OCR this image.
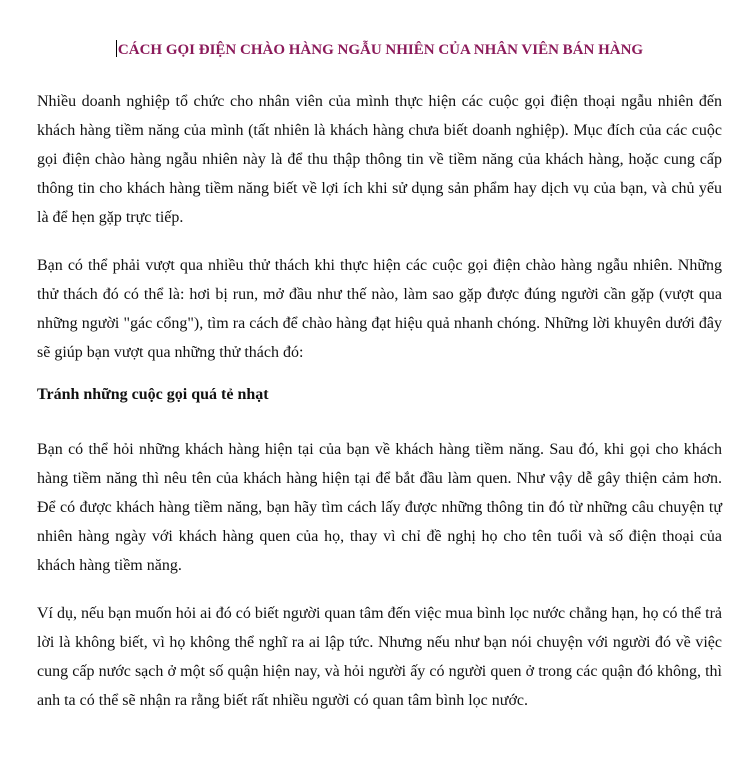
CÁCH GỌI ĐIỆN CHÀO HÀNG NGẪU NHIÊN CỦA NHÂN VIÊN BÁN HÀNG

Nhiều doanh nghiệp tổ chức cho nhân viên của mình thực hiện các cuộc gọi điện thoại ngẫu nhiên đến khách hàng tiềm năng của mình (tất nhiên là khách hàng chưa biết doanh nghiệp). Mục đích của các cuộc gọi điện chào hàng ngẫu nhiên này là để thu thập thông tin về tiềm năng của khách hàng, hoặc cung cấp thông tin cho khách hàng tiềm năng biết về lợi ích khi sử dụng sản phẩm hay dịch vụ của bạn, và chủ yếu là để hẹn gặp trực tiếp.

Bạn có thể phải vượt qua nhiều thử thách khi thực hiện các cuộc gọi điện chào hàng ngẫu nhiên. Những thử thách đó có thể là: hơi bị run, mở đầu như thế nào, làm sao gặp được đúng người cần gặp (vượt qua những người "gác cổng"), tìm ra cách để chào hàng đạt hiệu quả nhanh chóng. Những lời khuyên dưới đây sẽ giúp bạn vượt qua những thử thách đó:

Tránh những cuộc gọi quá tẻ nhạt

Bạn có thể hỏi những khách hàng hiện tại của bạn về khách hàng tiềm năng. Sau đó, khi gọi cho khách hàng tiềm năng thì nêu tên của khách hàng hiện tại để bắt đầu làm quen. Như vậy dễ gây thiện cảm hơn. Để có được khách hàng tiềm năng, bạn hãy tìm cách lấy được những thông tin đó từ những câu chuyện tự nhiên hàng ngày với khách hàng quen của họ, thay vì chỉ đề nghị họ cho tên tuổi và số điện thoại của khách hàng tiềm năng.

Ví dụ, nếu bạn muốn hỏi ai đó có biết người quan tâm đến việc mua bình lọc nước chẳng hạn, họ có thể trả lời là không biết, vì họ không thể nghĩ ra ai lập tức. Nhưng nếu như bạn nói chuyện với người đó về việc cung cấp nước sạch ở một số quận hiện nay, và hỏi người ấy có người quen ở trong các quận đó không, thì anh ta có thể sẽ nhận ra rằng biết rất nhiều người có quan tâm bình lọc nước.
